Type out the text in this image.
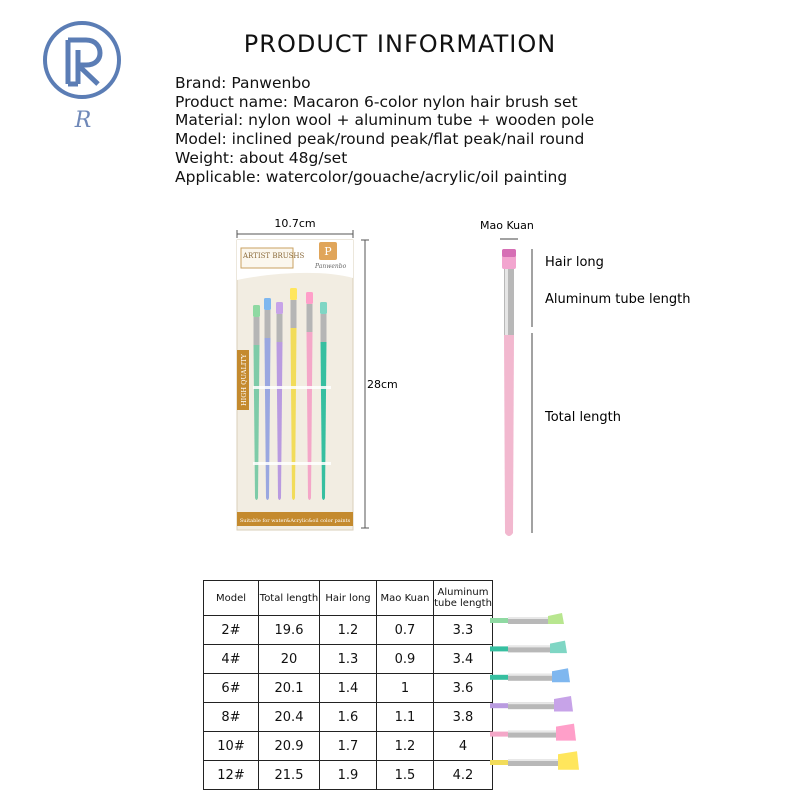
R
PRODUCT INFORMATION
Brand: Panwenbo
Product name: Macaron 6-color nylon hair brush set
Material: nylon wool + aluminum tube + wooden pole
Model: inclined peak/round peak/flat peak/nail round
Weight: about 48g/set
Applicable: watercolor/gouache/acrylic/oil painting
10.7cm
28cm
ARTIST BRUSHS P
Panwenbo
HIGH QUALITY
Suitable for water&Acrylic&oil color paints
Mao Kuan
Hair long
Aluminum tube length
Total length
Model	Total length	Hair long	Mao Kuan	Aluminum tube length
2#	19.6	1.2	0.7	3.3
4#	20	1.3	0.9	3.4
6#	20.1	1.4	1	3.6
8#	20.4	1.6	1.1	3.8
10#	20.9	1.7	1.2	4
12#	21.5	1.9	1.5	4.2
